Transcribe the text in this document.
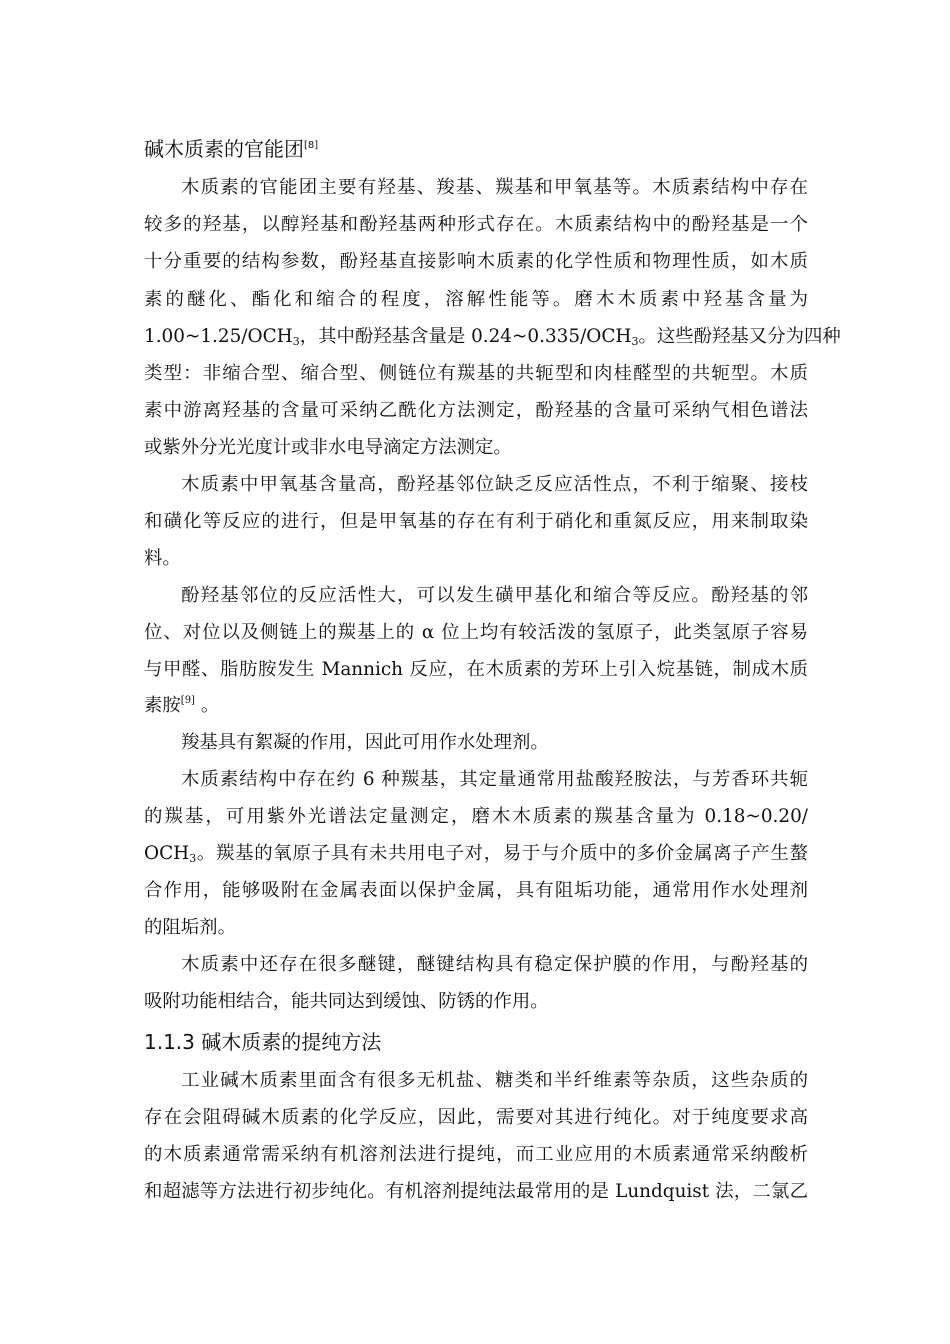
碱木质素的官能团[8]
木质素的官能团主要有羟基、羧基、羰基和甲氧基等。木质素结构中存在
较多的羟基，以醇羟基和酚羟基两种形式存在。木质素结构中的酚羟基是一个
十分重要的结构参数，酚羟基直接影响木质素的化学性质和物理性质，如木质
素的醚化、酯化和缩合的程度，溶解性能等。磨木木质素中羟基含量为
$1.00\sim 1.25/OCH_3$，其中酚羟基含量是 $0.24\sim 0.335/OCH_3$。这些酚羟基又分为四种
类型：非缩合型、缩合型、侧链位有羰基的共轭型和肉桂醛型的共轭型。木质
素中游离羟基的含量可采纳乙酰化方法测定，酚羟基的含量可采纳气相色谱法
或紫外分光光度计或非水电导滴定方法测定。
木质素中甲氧基含量高，酚羟基邻位缺乏反应活性点，不利于缩聚、接枝
和磺化等反应的进行，但是甲氧基的存在有利于硝化和重氮反应，用来制取染
料。
酚羟基邻位的反应活性大，可以发生磺甲基化和缩合等反应。酚羟基的邻
位、对位以及侧链上的羰基上的 α 位上均有较活泼的氢原子，此类氢原子容易
与甲醛、脂肪胺发生 Mannich 反应，在木质素的芳环上引入烷基链，制成木质
素胺[9] 。
羧基具有絮凝的作用，因此可用作水处理剂。
木质素结构中存在约 6 种羰基，其定量通常用盐酸羟胺法，与芳香环共轭
的羰基，可用紫外光谱法定量测定，磨木木质素的羰基含量为 0.18~0.20/
$OCH_3$。羰基的氧原子具有未共用电子对，易于与介质中的多价金属离子产生螯
合作用，能够吸附在金属表面以保护金属，具有阻垢功能，通常用作水处理剂
的阻垢剂。
木质素中还存在很多醚键，醚键结构具有稳定保护膜的作用，与酚羟基的
吸附功能相结合，能共同达到缓蚀、防锈的作用。
1.1.3 碱木质素的提纯方法
工业碱木质素里面含有很多无机盐、糖类和半纤维素等杂质，这些杂质的
存在会阻碍碱木质素的化学反应，因此，需要对其进行纯化。对于纯度要求高
的木质素通常需采纳有机溶剂法进行提纯，而工业应用的木质素通常采纳酸析
和超滤等方法进行初步纯化。有机溶剂提纯法最常用的是 Lundquist 法，二氯乙
